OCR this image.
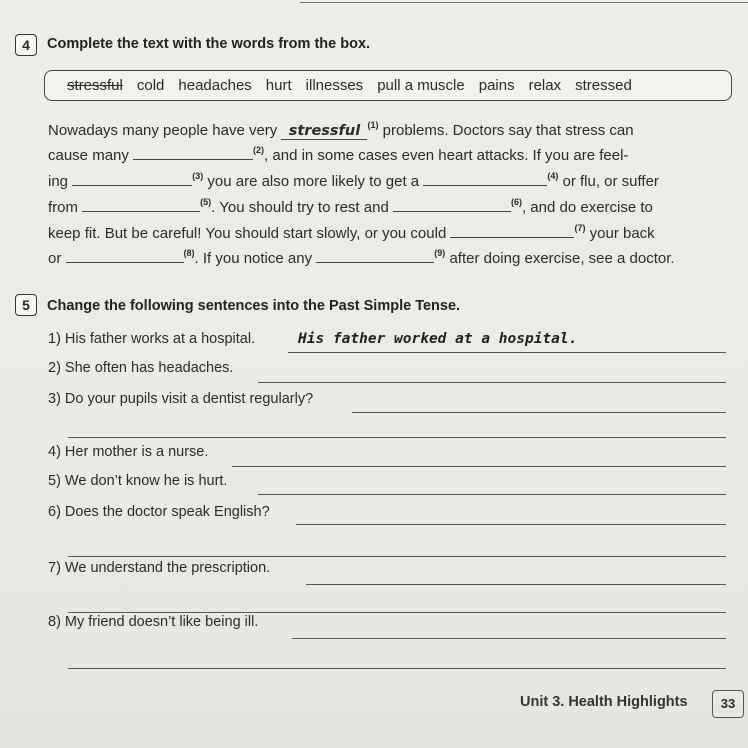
4	Complete the text with the words from the box.
stressful cold headaches hurt illnesses pull a muscle pains relax stressed
Nowadays many people have very stressful $^{(1)}$ problems. Doctors say that stress can
cause many	$^{(2)}$, and in some cases even heart attacks. If you are feel-
ing	$^{(3)}$ you are also more likely to get a	$^{(4)}$ or flu, or suffer
from	$^{(5)}$. You should try to rest and	$^{(6)}$, and do exercise to
keep fit. But be careful! You should start slowly, or you could	$^{(7)}$ your back
or	$^{(8)}$. If you notice any	$^{(9)}$ after doing exercise, see a doctor.
5	Change the following sentences into the Past Simple Tense.
1) His father works at a hospital.	His father worked at a hospital.
2) She often has headaches.
3) Do your pupils visit a dentist regularly?
4) Her mother is a nurse.
5) We don’t know he is hurt.
6) Does the doctor speak English?
7) We understand the prescription.
8) My friend doesn’t like being ill.
Unit 3. Health Highlights	33
